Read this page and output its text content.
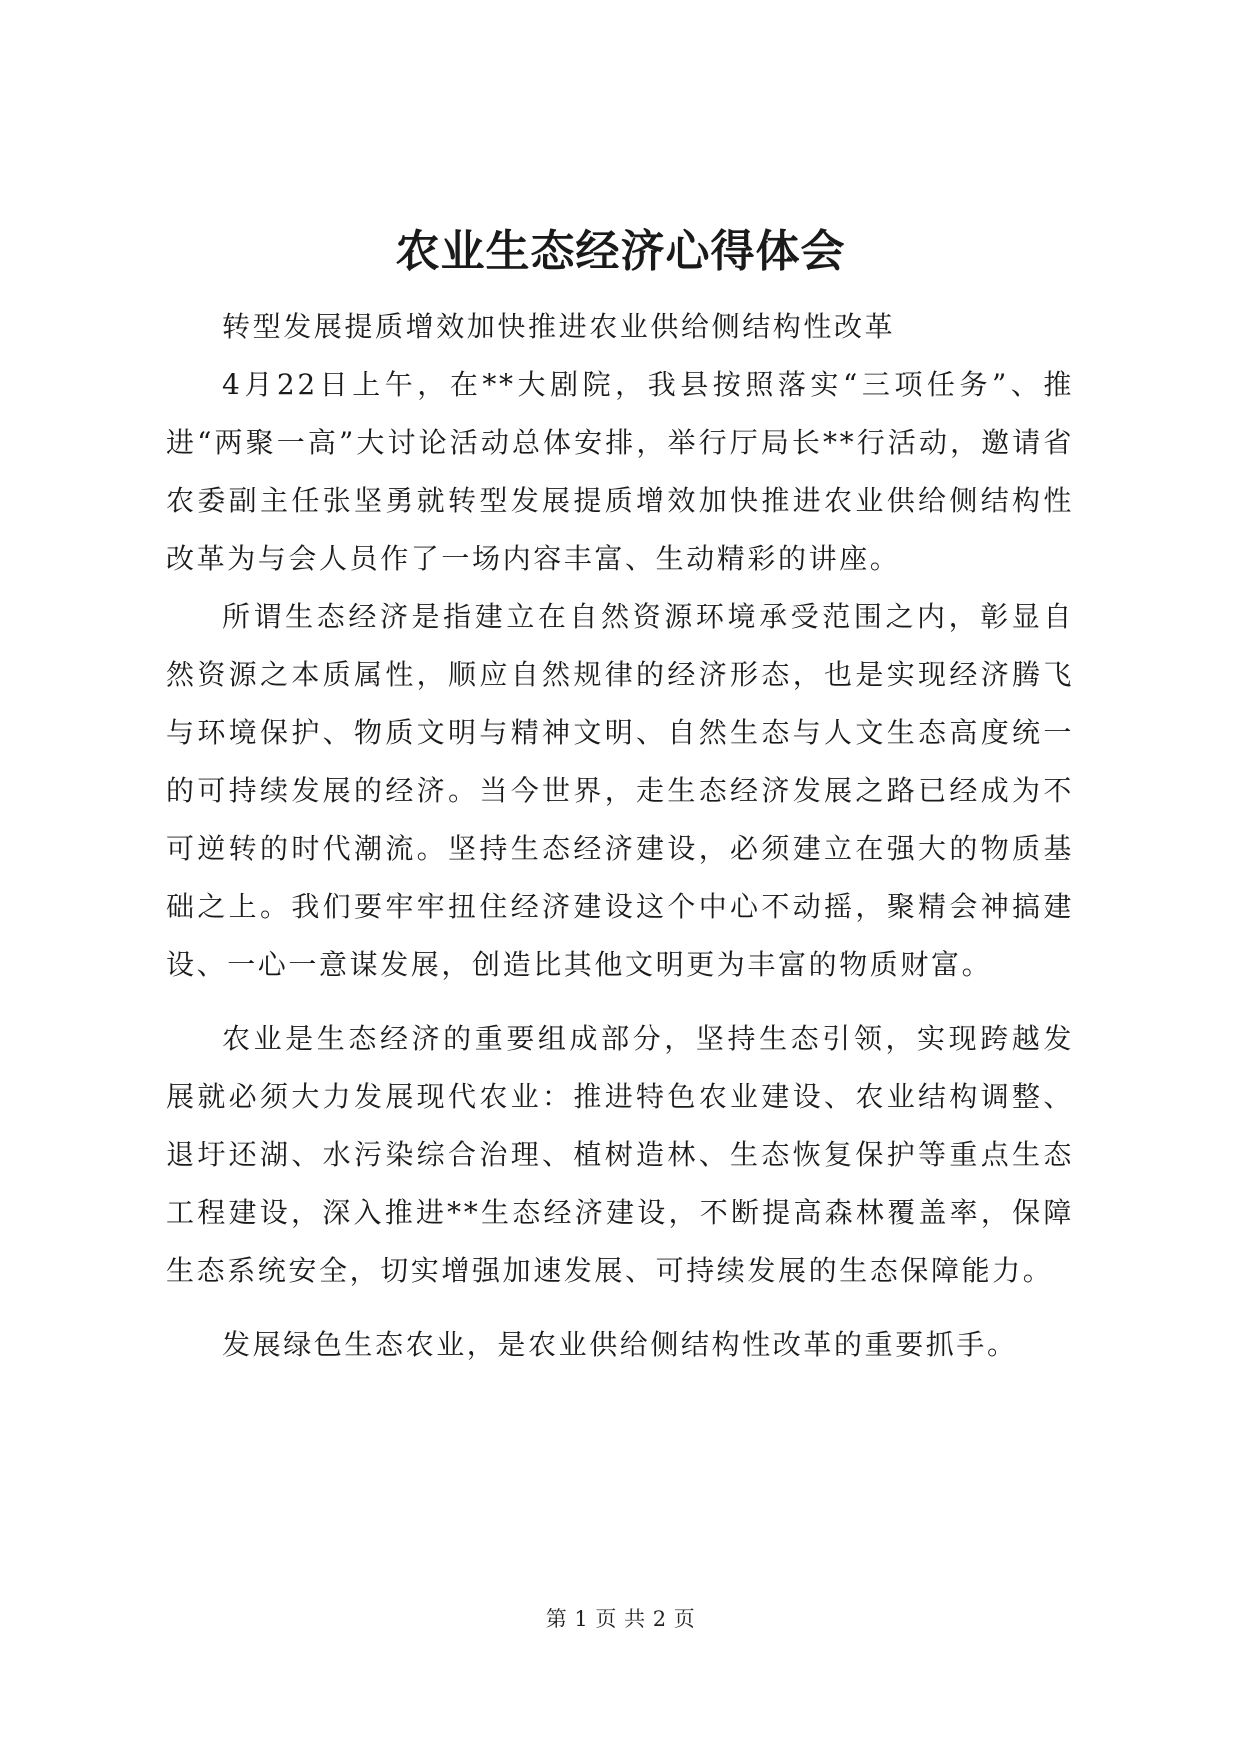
农业生态经济心得体会

转型发展提质增效加快推进农业供给侧结构性改革

4月22日上午，在**大剧院，我县按照落实“三项任务”、推进“两聚一高”大讨论活动总体安排，举行厅局长**行活动，邀请省农委副主任张坚勇就转型发展提质增效加快推进农业供给侧结构性改革为与会人员作了一场内容丰富、生动精彩的讲座。

所谓生态经济是指建立在自然资源环境承受范围之内，彰显自然资源之本质属性，顺应自然规律的经济形态，也是实现经济腾飞与环境保护、物质文明与精神文明、自然生态与人文生态高度统一的可持续发展的经济。当今世界，走生态经济发展之路已经成为不可逆转的时代潮流。坚持生态经济建设，必须建立在强大的物质基础之上。我们要牢牢扭住经济建设这个中心不动摇，聚精会神搞建设、一心一意谋发展，创造比其他文明更为丰富的物质财富。

农业是生态经济的重要组成部分，坚持生态引领，实现跨越发展就必须大力发展现代农业：推进特色农业建设、农业结构调整、退圩还湖、水污染综合治理、植树造林、生态恢复保护等重点生态工程建设，深入推进**生态经济建设，不断提高森林覆盖率，保障生态系统安全，切实增强加速发展、可持续发展的生态保障能力。

发展绿色生态农业，是农业供给侧结构性改革的重要抓手。

第 1 页 共 2 页
